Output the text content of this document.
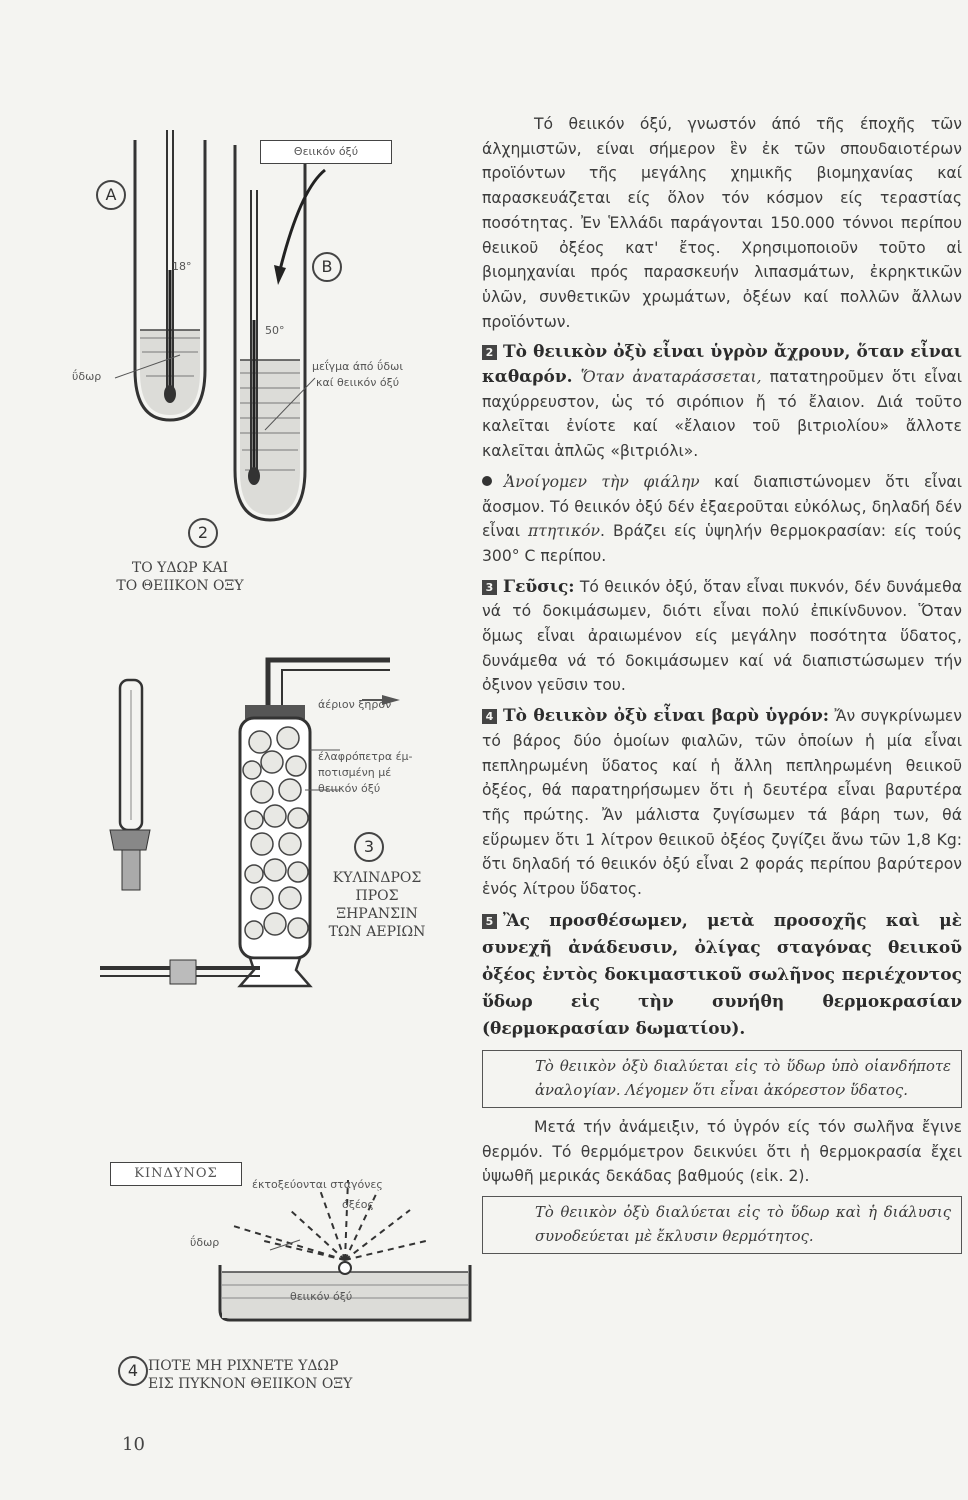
A
B
Θειικόν όξύ
18°
50°
ΰδωρ
μεΐγμα άπό ΰδωι
καί θειικόν όξύ
2
ΤΟ ΥΔΩΡ ΚΑΙ
ΤΟ ΘΕΙΙΚΟΝ ΟΞΥ
άέριον ξηρόν
έλαφρόπετρα έμ-
ποτισμένη μέ
θειικόν όξύ
3
ΚΥΛΙΝΔΡΟΣ
ΠΡΟΣ
ΞΗΡΑΝΣΙΝ
ΤΩΝ ΑΕΡΙΩΝ
ΚΙΝΔΥΝΟΣ
έκτοξεύονται σταγόνες
όξέος
ΰδωρ
θειικόν όξύ
4 ΠΟΤΕ ΜΗ ΡΙΧΝΕΤΕ ΥΔΩΡ
ΕΙΣ ΠΥΚΝΟΝ ΘΕΙΙΚΟΝ ΟΞΥ

Τό θειικόν όξύ, γνωστόν άπό τῆς έποχῆς τῶν άλχημιστῶν, είναι σήμερον ἓν ἐκ τῶν σπουδαιοτέρων προϊόντων τῆς μεγάλης χημικῆς βιομηχανίας καί παρασκευάζεται είς ὅλον τόν κόσμον είς τεραστίας ποσότητας. Ἐν Ἑλλάδι παράγονται 150.000 τόννοι περίπου θειικοῦ ὀξέος κατ' ἔτος. Χρησιμοποιοῦν τοῦτο αἱ βιομηχανίαι πρός παρασκευήν λιπασμάτων, ἐκρηκτικῶν ὑλῶν, συνθετικῶν χρωμάτων, ὀξέων καί πολλῶν ἄλλων προϊόντων.

2 Τὸ θειικὸν ὀξὺ εἶναι ὑγρὸν ἄχρουν, ὅταν εἶναι καθαρόν. Ὅταν ἀναταράσσεται, πατατηροῦμεν ὅτι εἶναι παχύρρευστον, ὡς τό σιρόπιον ἤ τό ἔλαιον. Διά τοῦτο καλεῖται ἐνίοτε καί «ἔλαιον τοῦ βιτριολίου» ἄλλοτε καλεῖται ἁπλῶς «βιτριόλι».

Ἀνοίγομεν τὴν φιάλην καί διαπιστώνομεν ὅτι εἶναι ἄοσμον. Τό θειικόν ὀξύ δέν ἐξαεροῦται εὐκόλως, δηλαδή δέν εἶναι πτητικόν. Βράζει είς ὑψηλήν θερμοκρασίαν: είς τούς 300° C περίπου.

3 Γεῦσις: Τό θειικόν ὀξύ, ὅταν εἶναι πυκνόν, δέν δυνάμεθα νά τό δοκιμάσωμεν, διότι εἶναι πολύ ἐπικίνδυνον. Ὅταν ὅμως εἶναι ἀραιωμένον είς μεγάλην ποσότητα ὕδατος, δυνάμεθα νά τό δοκιμάσωμεν καί νά διαπιστώσωμεν τήν ὀξινον γεῦσιν του.

4 Τὸ θειικὸν ὀξὺ εἶναι βαρὺ ὑγρόν: Ἄν συγκρίνωμεν τό βάρος δύο ὁμοίων φιαλῶν, τῶν ὁποίων ἡ μία εἶναι πεπληρωμένη ὕδατος καί ἡ ἄλλη πεπληρωμένη θειικοῦ ὀξέος, θά παρατηρήσωμεν ὅτι ἡ δευτέρα εἶναι βαρυτέρα τῆς πρώτης. Ἄν μάλιστα ζυγίσωμεν τά βάρη των, θά εὕρωμεν ὅτι 1 λίτρον θειικοῦ ὀξέος ζυγίζει ἄνω τῶν 1,8 Kg: ὅτι δηλαδή τό θειικόν ὀξύ εἶναι 2 φοράς περίπου βαρύτερον ἑνός λίτρου ὕδατος.

5 Ἂς προσθέσωμεν, μετὰ προσοχῆς καὶ μὲ συνεχῆ ἀνάδευσιν, ὀλίγας σταγόνας θειικοῦ ὀξέος ἐντὸς δοκιμαστικοῦ σωλῆνος περιέχοντος ὕδωρ εἰς τὴν συνήθη θερμοκρασίαν (θερμοκρασίαν δωματίου).

Τὸ θειικὸν ὀξὺ διαλύεται εἰς τὸ ὕδωρ ὑπὸ οἱανδήποτε ἀναλογίαν. Λέγομεν ὅτι εἶναι ἀκόρεστον ὕδατος.

Μετά τήν ἀνάμειξιν, τό ὑγρόν είς τόν σωλῆνα ἔγινε θερμόν. Τό θερμόμετρον δεικνύει ὅτι ἡ θερμοκρασία ἔχει ὑψωθῆ μερικάς δεκάδας βαθμούς (εἰκ. 2).

Τὸ θειικὸν ὀξὺ διαλύεται εἰς τὸ ὕδωρ καὶ ἡ διάλυσις συνοδεύεται μὲ ἔκλυσιν θερμότητος.
10
